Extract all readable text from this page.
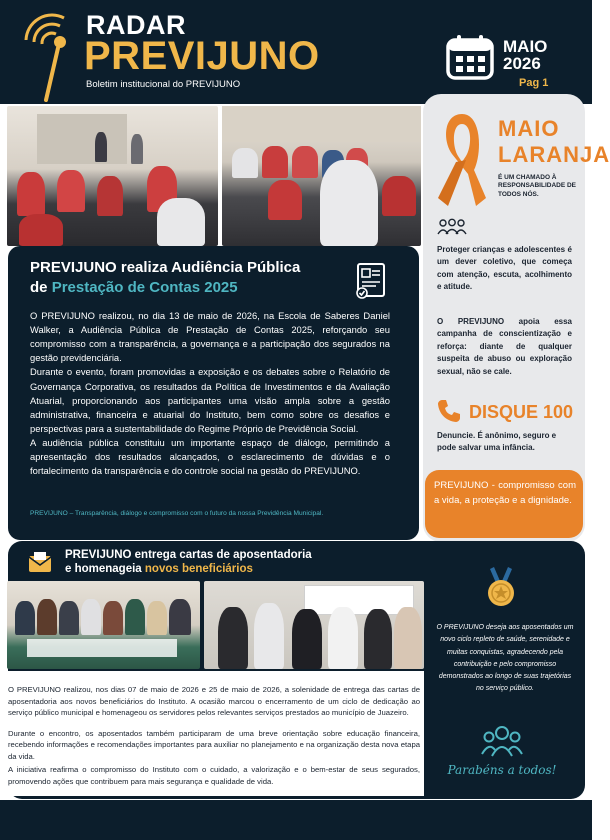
RADAR
PREVIJUNO
Boletim institucional do PREVIJUNO
MAIO
2026
Pag 1
MAIO
LARANJA
É UM CHAMADO À RESPONSABILIDADE DE TODOS NÓS.
Proteger crianças e adolescentes é um dever coletivo, que começa com atenção, escuta, acolhimento e atitude.
O PREVIJUNO apoia essa campanha de conscientização e reforça: diante de qualquer suspeita de abuso ou exploração sexual, não se cale.
DISQUE 100
Denuncie. É anônimo, seguro e pode salvar uma infância.
PREVIJUNO - compromisso com a vida, a proteção e a dignidade.
PREVIJUNO realiza Audiência Pública
de Prestação de Contas 2025

O PREVIJUNO realizou, no dia 13 de maio de 2026, na Escola de Saberes Daniel Walker, a Audiência Pública de Prestação de Contas 2025, reforçando seu compromisso com a transparência, a governança e a participação dos segurados na gestão previdenciária.

Durante o evento, foram promovidas a exposição e os debates sobre o Relatório de Governança Corporativa, os resultados da Política de Investimentos e da Avaliação Atuarial, proporcionando aos participantes uma visão ampla sobre a gestão administrativa, financeira e atuarial do Instituto, bem como sobre os desafios e perspectivas para a sustentabilidade do Regime Próprio de Previdência Social.

A audiência pública constituiu um importante espaço de diálogo, permitindo a apresentação dos resultados alcançados, o esclarecimento de dúvidas e o fortalecimento da transparência e do controle social na gestão do PREVIJUNO.

PREVIJUNO – Transparência, diálogo e compromisso com o futuro da nossa Previdência Municipal.
PREVIJUNO entrega cartas de aposentadoria
e homenageia novos beneficiários

O PREVIJUNO realizou, nos dias 07 de maio de 2026 e 25 de maio de 2026, a solenidade de entrega das cartas de aposentadoria aos novos beneficiários do Instituto. A ocasião marcou o encerramento de um ciclo de dedicação ao serviço público municipal e homenageou os servidores pelos relevantes serviços prestados ao município de Juazeiro.

Durante o encontro, os aposentados também participaram de uma breve orientação sobre educação financeira, recebendo informações e recomendações importantes para auxiliar no planejamento e na organização desta nova etapa da vida.

A iniciativa reafirma o compromisso do Instituto com o cuidado, a valorização e o bem-estar de seus segurados, promovendo ações que contribuem para mais segurança e qualidade de vida.

O PREVIJUNO deseja aos aposentados um novo ciclo repleto de saúde, serenidade e muitas conquistas, agradecendo pela contribuição e pelo compromisso demonstrados ao longo de suas trajetórias no serviço público.
Parabéns a todos!
